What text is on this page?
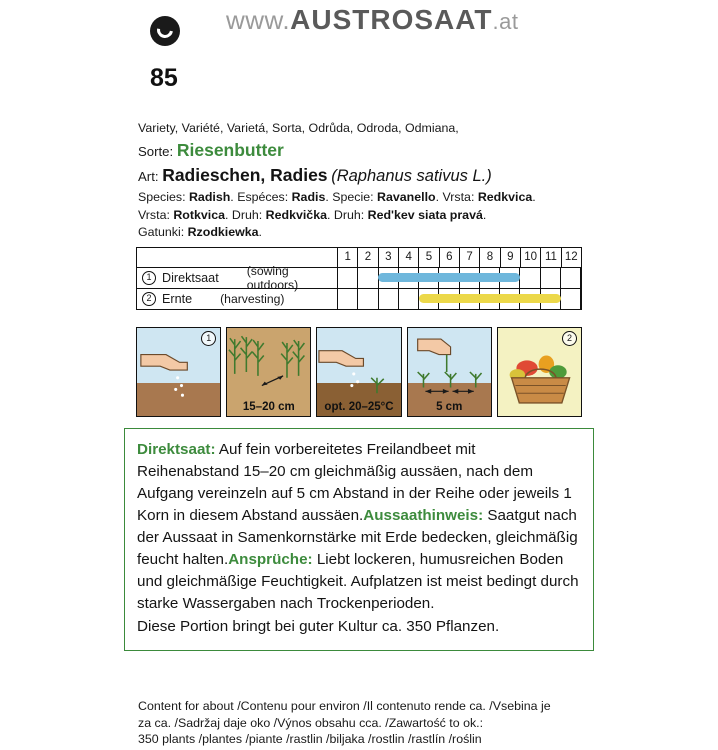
www.AUSTROSAAT.at
85
Variety, Variété, Varietá, Sorta, Odrůda, Odroda, Odmiana,
Sorte: Riesenbutter
Art: Radieschen, Radies (Raphanus sativus L.)
Species: Radish. Espéces: Radis. Specie: Ravanello. Vrsta: Redkvica.
Vrsta: Rotkvica. Druh: Redkvička. Druh: Red'kev siata pravá.
Gatunki: Rzodkiewka.
1	2	3	4	5	6	7	8	9 10 11 12
1 Direktsaat (sowing outdoors)
2 Ernte (harvesting)
1
15–20 cm	opt. 20–25°C	5 cm
2

Direktsaat: Auf fein vorbereitetes Freilandbeet mit Reihenabstand 15–20 cm gleichmäßig aussäen, nach dem Aufgang vereinzeln auf 5 cm Abstand in der Reihe oder jeweils 1 Korn in diesem Abstand aussäen.Aussaathinweis: Saatgut nach der Aussaat in Samenkornstärke mit Erde bedecken, gleichmäßig feucht halten.Ansprüche: Liebt lockeren, humusreichen Boden und gleichmäßige Feuchtigkeit. Aufplatzen ist meist bedingt durch starke Wassergaben nach Trockenperioden.

Diese Portion bringt bei guter Kultur ca. 350 Pflanzen.

Content for about /Contenu pour environ /Il contenuto rende ca. /Vsebina je
za ca. /Sadržaj daje oko /Výnos obsahu cca. /Zawartość to ok.:
350 plants /plantes /piante /rastlin /biljaka /rostlin /rastlín /roślin
